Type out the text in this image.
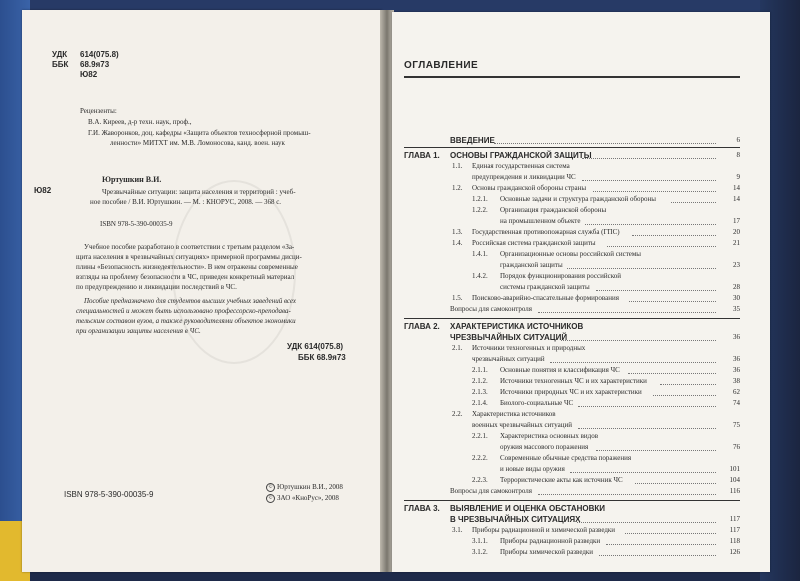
УДК 614(075.8)
ББК 68.9я73
Ю82
Рецензенты:
В.А. Киреев, д-р техн. наук, проф.,
Г.И. Жаворонков, доц. кафедры «Защита объектов техносферной промыш-
ленности» МИТХТ им. М.В. Ломоносова, канд. воен. наук
Юртушкин В.И.
Ю82	Чрезвычайные ситуации: защита населения и территорий : учеб-
ное пособие / В.И. Юртушкин. — М. : КНОРУС, 2008. — 368 с.
ISBN 978-5-390-00035-9
Учебное пособие разработано в соответствии с третьим разделом «За-
щита населения в чрезвычайных ситуациях» примерной программы дисци-
плины «Безопасность жизнедеятельности». В нем отражены современные
взгляды на проблему безопасности в ЧС, приведен конкретный материал
по предупреждению и ликвидации последствий в ЧС.
Пособие предназначено для студентов высших учебных заведений всех
специальностей и может быть использовано профессорско-преподава-
тельским составом вузов, а также руководителями объектов экономики
при организации защиты населения в ЧС.
УДК 614(075.8)
ББК 68.9я73
ISBN 978-5-390-00035-9
© Юртушкин В.И., 2008
© ЗАО «КноРус», 2008
ОГЛАВЛЕНИЕ
ВВЕДЕНИЕ	6
ГЛАВА 1. ОСНОВЫ ГРАЖДАНСКОЙ ЗАЩИТЫ	8
1.1. Единая государственная система
предупреждения и ликвидации ЧС	9
1.2. Основы гражданской обороны страны	14
1.2.1. Основные задачи и структура гражданской обороны	14
1.2.2. Организация гражданской обороны
на промышленном объекте	17
1.3. Государственная противопожарная служба (ГПС)	20
1.4. Российская система гражданской защиты	21
1.4.1. Организационные основы российской системы
гражданской защиты	23
1.4.2. Порядок функционирования российской
системы гражданской защиты	28
1.5. Поисково-аварийно-спасательные формирования	30
Вопросы для самоконтроля	35
ГЛАВА 2. ХАРАКТЕРИСТИКА ИСТОЧНИКОВ
ЧРЕЗВЫЧАЙНЫХ СИТУАЦИЙ	36
2.1. Источники техногенных и природных
чрезвычайных ситуаций	36
2.1.1. Основные понятия и классификация ЧС	36
2.1.2. Источники техногенных ЧС и их характеристики	38
2.1.3. Источники природных ЧС и их характеристики	62
2.1.4. Биолого-социальные ЧС	74
2.2. Характеристика источников
военных чрезвычайных ситуаций	75
2.2.1. Характеристика основных видов
оружия массового поражения	76
2.2.2. Современные обычные средства поражения
и новые виды оружия	101
2.2.3. Террористические акты как источник ЧС	104
Вопросы для самоконтроля	116
ГЛАВА 3. ВЫЯВЛЕНИЕ И ОЦЕНКА ОБСТАНОВКИ
В ЧРЕЗВЫЧАЙНЫХ СИТУАЦИЯХ	117
3.1. Приборы радиационной и химической разведки	117
3.1.1. Приборы радиационной разведки	118
3.1.2. Приборы химической разведки	126
